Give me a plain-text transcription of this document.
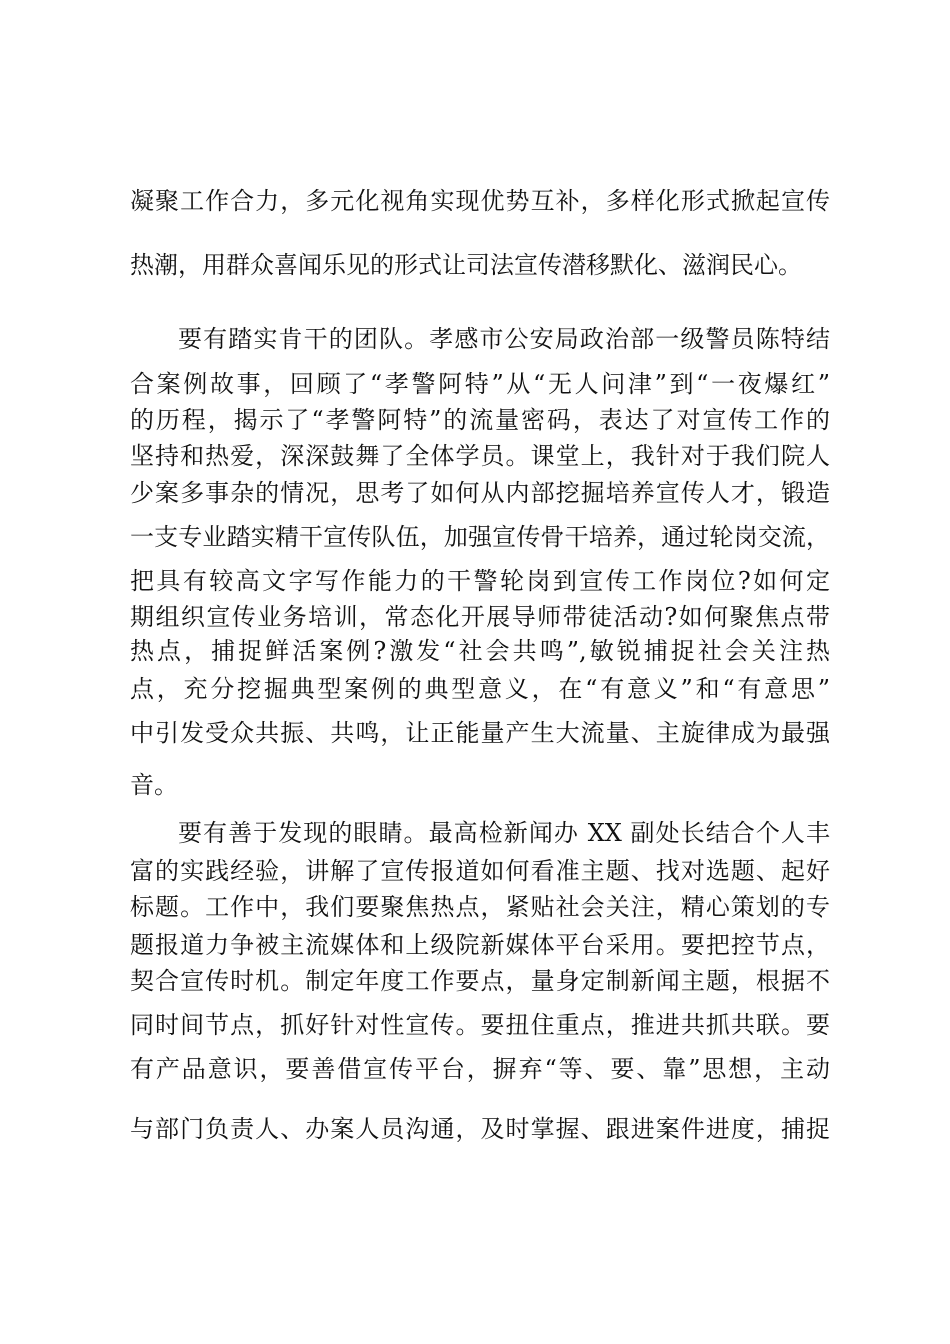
凝聚工作合力，多元化视角实现优势互补，多样化形式掀起宣传
热潮，用群众喜闻乐见的形式让司法宣传潜移默化、滋润民心。
要有踏实肯干的团队。孝感市公安局政治部一级警员陈特结
合案例故事，回顾了“孝警阿特”从“无人问津”到“一夜爆红”
的历程，揭示了“孝警阿特”的流量密码，表达了对宣传工作的
坚持和热爱，深深鼓舞了全体学员。课堂上，我针对于我们院人
少案多事杂的情况，思考了如何从内部挖掘培养宣传人才，锻造
一支专业踏实精干宣传队伍，加强宣传骨干培养，通过轮岗交流，
把具有较高文字写作能力的干警轮岗到宣传工作岗位?如何定
期组织宣传业务培训，常态化开展导师带徒活动?如何聚焦点带
热点，捕捉鲜活案例?激发“社会共鸣”,敏锐捕捉社会关注热
点，充分挖掘典型案例的典型意义，在“有意义”和“有意思”
中引发受众共振、共鸣，让正能量产生大流量、主旋律成为最强
音。
要有善于发现的眼睛。最高检新闻办 XX 副处长结合个人丰
富的实践经验，讲解了宣传报道如何看准主题、找对选题、起好
标题。工作中，我们要聚焦热点，紧贴社会关注，精心策划的专
题报道力争被主流媒体和上级院新媒体平台采用。要把控节点，
契合宣传时机。制定年度工作要点，量身定制新闻主题，根据不
同时间节点，抓好针对性宣传。要扭住重点，推进共抓共联。要
有产品意识，要善借宣传平台，摒弃“等、要、靠”思想，主动
与部门负责人、办案人员沟通，及时掌握、跟进案件进度，捕捉
